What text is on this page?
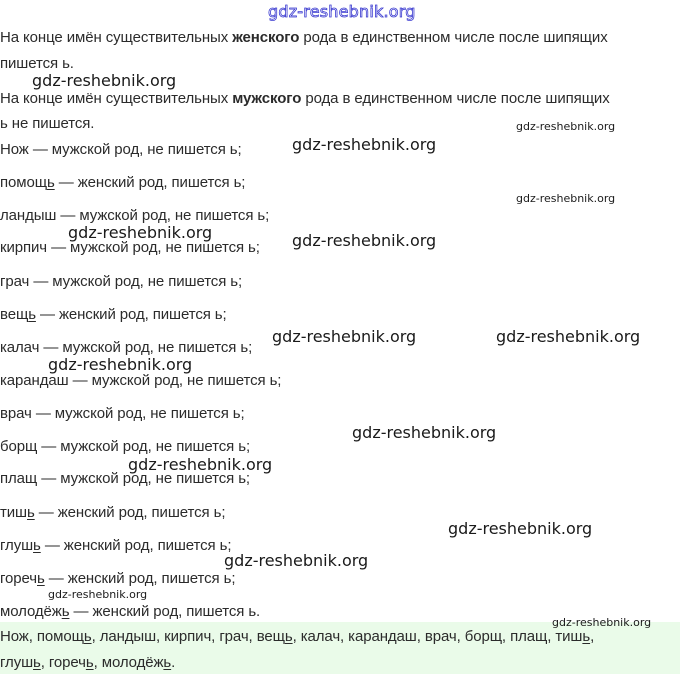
gdz-reshebnik.org
На конце имён существительных женского рода в единственном числе после шипящих
пишется ь.
На конце имён существительных мужского рода в единственном числе после шипящих
ь не пишется.
Нож — мужской род, не пишется ь;
помощь — женский род, пишется ь;
ландыш — мужской род, не пишется ь;
кирпич — мужской род, не пишется ь;
грач — мужской род, не пишется ь;
вещь — женский род, пишется ь;
калач — мужской род, не пишется ь;
карандаш — мужской род, не пишется ь;
врач — мужской род, не пишется ь;
борщ — мужской род, не пишется ь;
плащ — мужской род, не пишется ь;
тишь — женский род, пишется ь;
глушь — женский род, пишется ь;
горечь — женский род, пишется ь;
молодёжь — женский род, пишется ь.
Нож, помощь, ландыш, кирпич, грач, вещь, калач, карандаш, врач, борщ, плащ, тишь,
глушь, горечь, молодёжь.
gdz-reshebnik.org
gdz-reshebnik.org
gdz-reshebnik.org
gdz-reshebnik.org
gdz-reshebnik.org	gdz-reshebnik.org
gdz-reshebnik.org	gdz-reshebnik.org
gdz-reshebnik.org
gdz-reshebnik.org
gdz-reshebnik.org
gdz-reshebnik.org
gdz-reshebnik.org
gdz-reshebnik.org
gdz-reshebnik.org
